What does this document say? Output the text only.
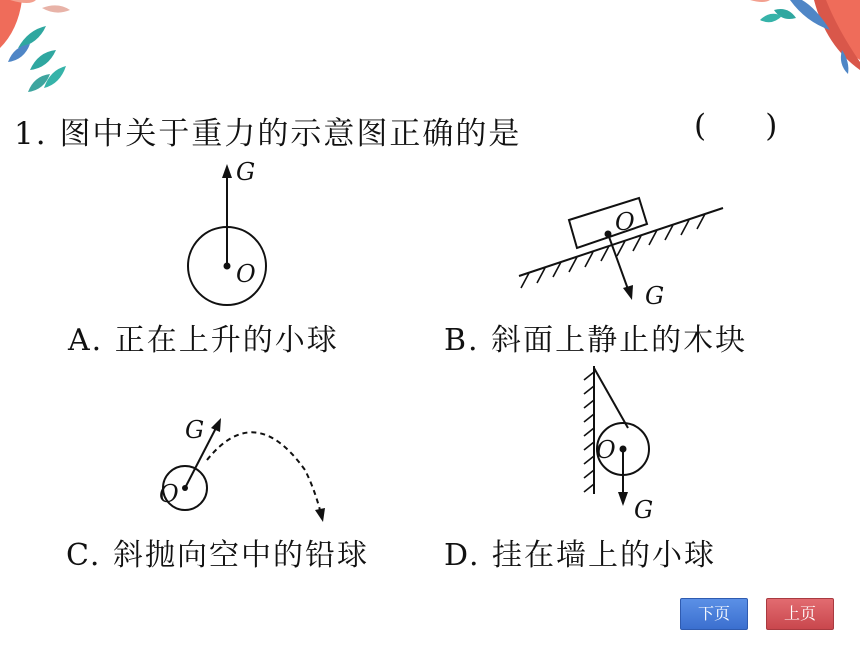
1. 图中关于重力的示意图正确的是	(      )
G
O
O
G
G
O
O
G
A. 正在上升的小球	B. 斜面上静止的木块
C. 斜抛向空中的铅球	D. 挂在墙上的小球
下页	上页
